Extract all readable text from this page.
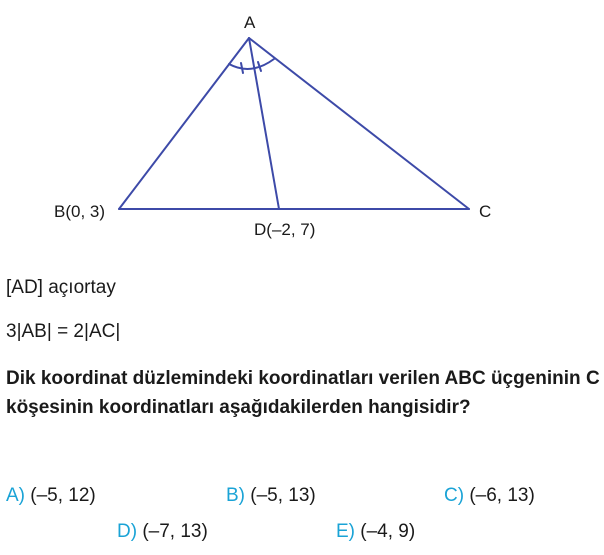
A
B(0, 3)	C
D(–2, 7)
[AD] açıortay
3|AB| = 2|AC|
Dik koordinat düzlemindeki koordinatları verilen ABC üçgeninin C köşesinin koordinatları aşağıdakilerden hangisidir?
A) (–5, 12)	B) (–5, 13)	C) (–6, 13)
D) (–7, 13)	E) (–4, 9)
